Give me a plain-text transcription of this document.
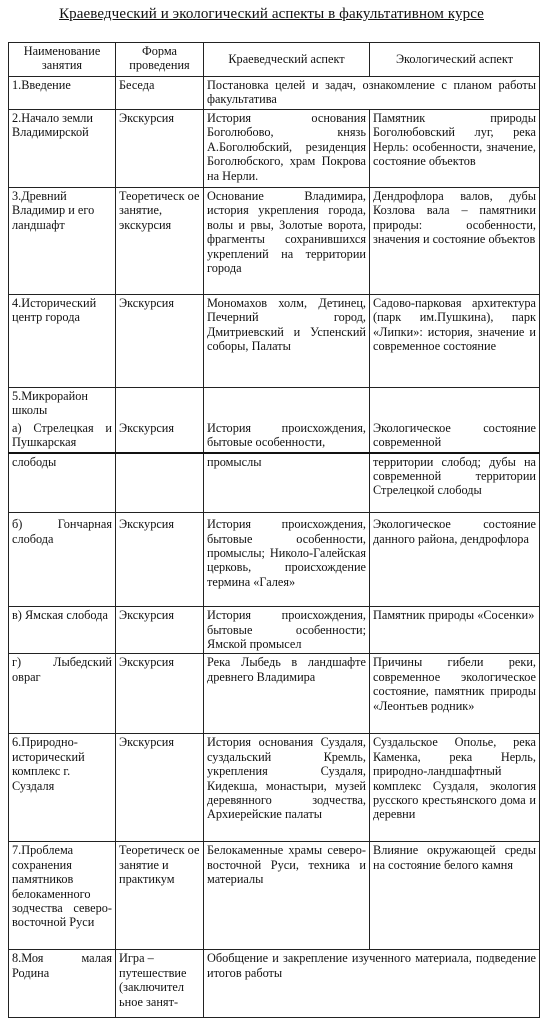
Краеведческий и экологический аспекты в факультативном курсе
Наименование занятия	Форма проведения	Краеведческий аспект	Экологический аспект
1.Введение	Беседа	Постановка целей и задач, ознакомление с планом работы факультатива	
2.Начало земли Владимирской	Экскурсия	История основания Боголюбово, князь А.Боголюбский, резиденция Боголюбского, храм Покрова на Нерли.	Памятник природы Боголюбовский луг, река Нерль: особенности, значение, состояние объектов
3.Древний Владимир и его ландшафт	Теоретическ ое занятие, экскурсия	Основание Владимира, история укрепления города, волы и рвы, Золотые ворота, фрагменты сохранившихся укреплений на территории города	Дендрофлора валов, дубы Козлова вала – памятники природы: особенности, значения и состояние объектов
4.Исторический центр города	Экскурсия	Мономахов холм, Детинец, Печерний город, Дмитриевский и Успенский соборы, Палаты	Садово-парковая архитектура (парк им.Пушкина), парк «Липки»: история, значение и современное состояние
5.Микрорайон школы			
а) Стрелецкая и Пушкарская	Экскурсия	История происхождения, бытовые особенности,	Экологическое состояние современной
слободы		промыслы	территории слобод; дубы на современной территории Стрелецкой слободы
б) Гончарная слобода	Экскурсия	История происхождения, бытовые особенности, промыслы; Николо-Галейская церковь, происхождение термина «Галея»	Экологическое состояние данного района, дендрофлора
в) Ямская слобода	Экскурсия	История происхождения, бытовые особенности; Ямской промысел	Памятник природы «Сосенки»
г) Лыбедский овраг	Экскурсия	Река Лыбедь в ландшафте древнего Владимира	Причины гибели реки, современное экологическое состояние, памятник природы «Леонтьев родник»
6.Природно-исторический комплекс г. Суздаля	Экскурсия	История основания Суздаля, суздальский Кремль, укрепления Суздаля, Кидекша, монастыри, музей деревянного зодчества, Архиерейские палаты	Суздальское Ополье, река Каменка, река Нерль, природно-ландшафтный комплекс Суздаля, экология русского крестьянского дома и деревни
7.Проблема сохранения памятников белокаменного зодчества северо-восточной Руси	Теоретическ ое занятие и практикум	Белокаменные храмы северо-восточной Руси, техника и материалы	Влияние окружающей среды на состояние белого камня
8.Моя малая Родина	Игра – путешествие (заключител ьное занят-	Обобщение и закрепление изученного материала, подведение итогов работы	
